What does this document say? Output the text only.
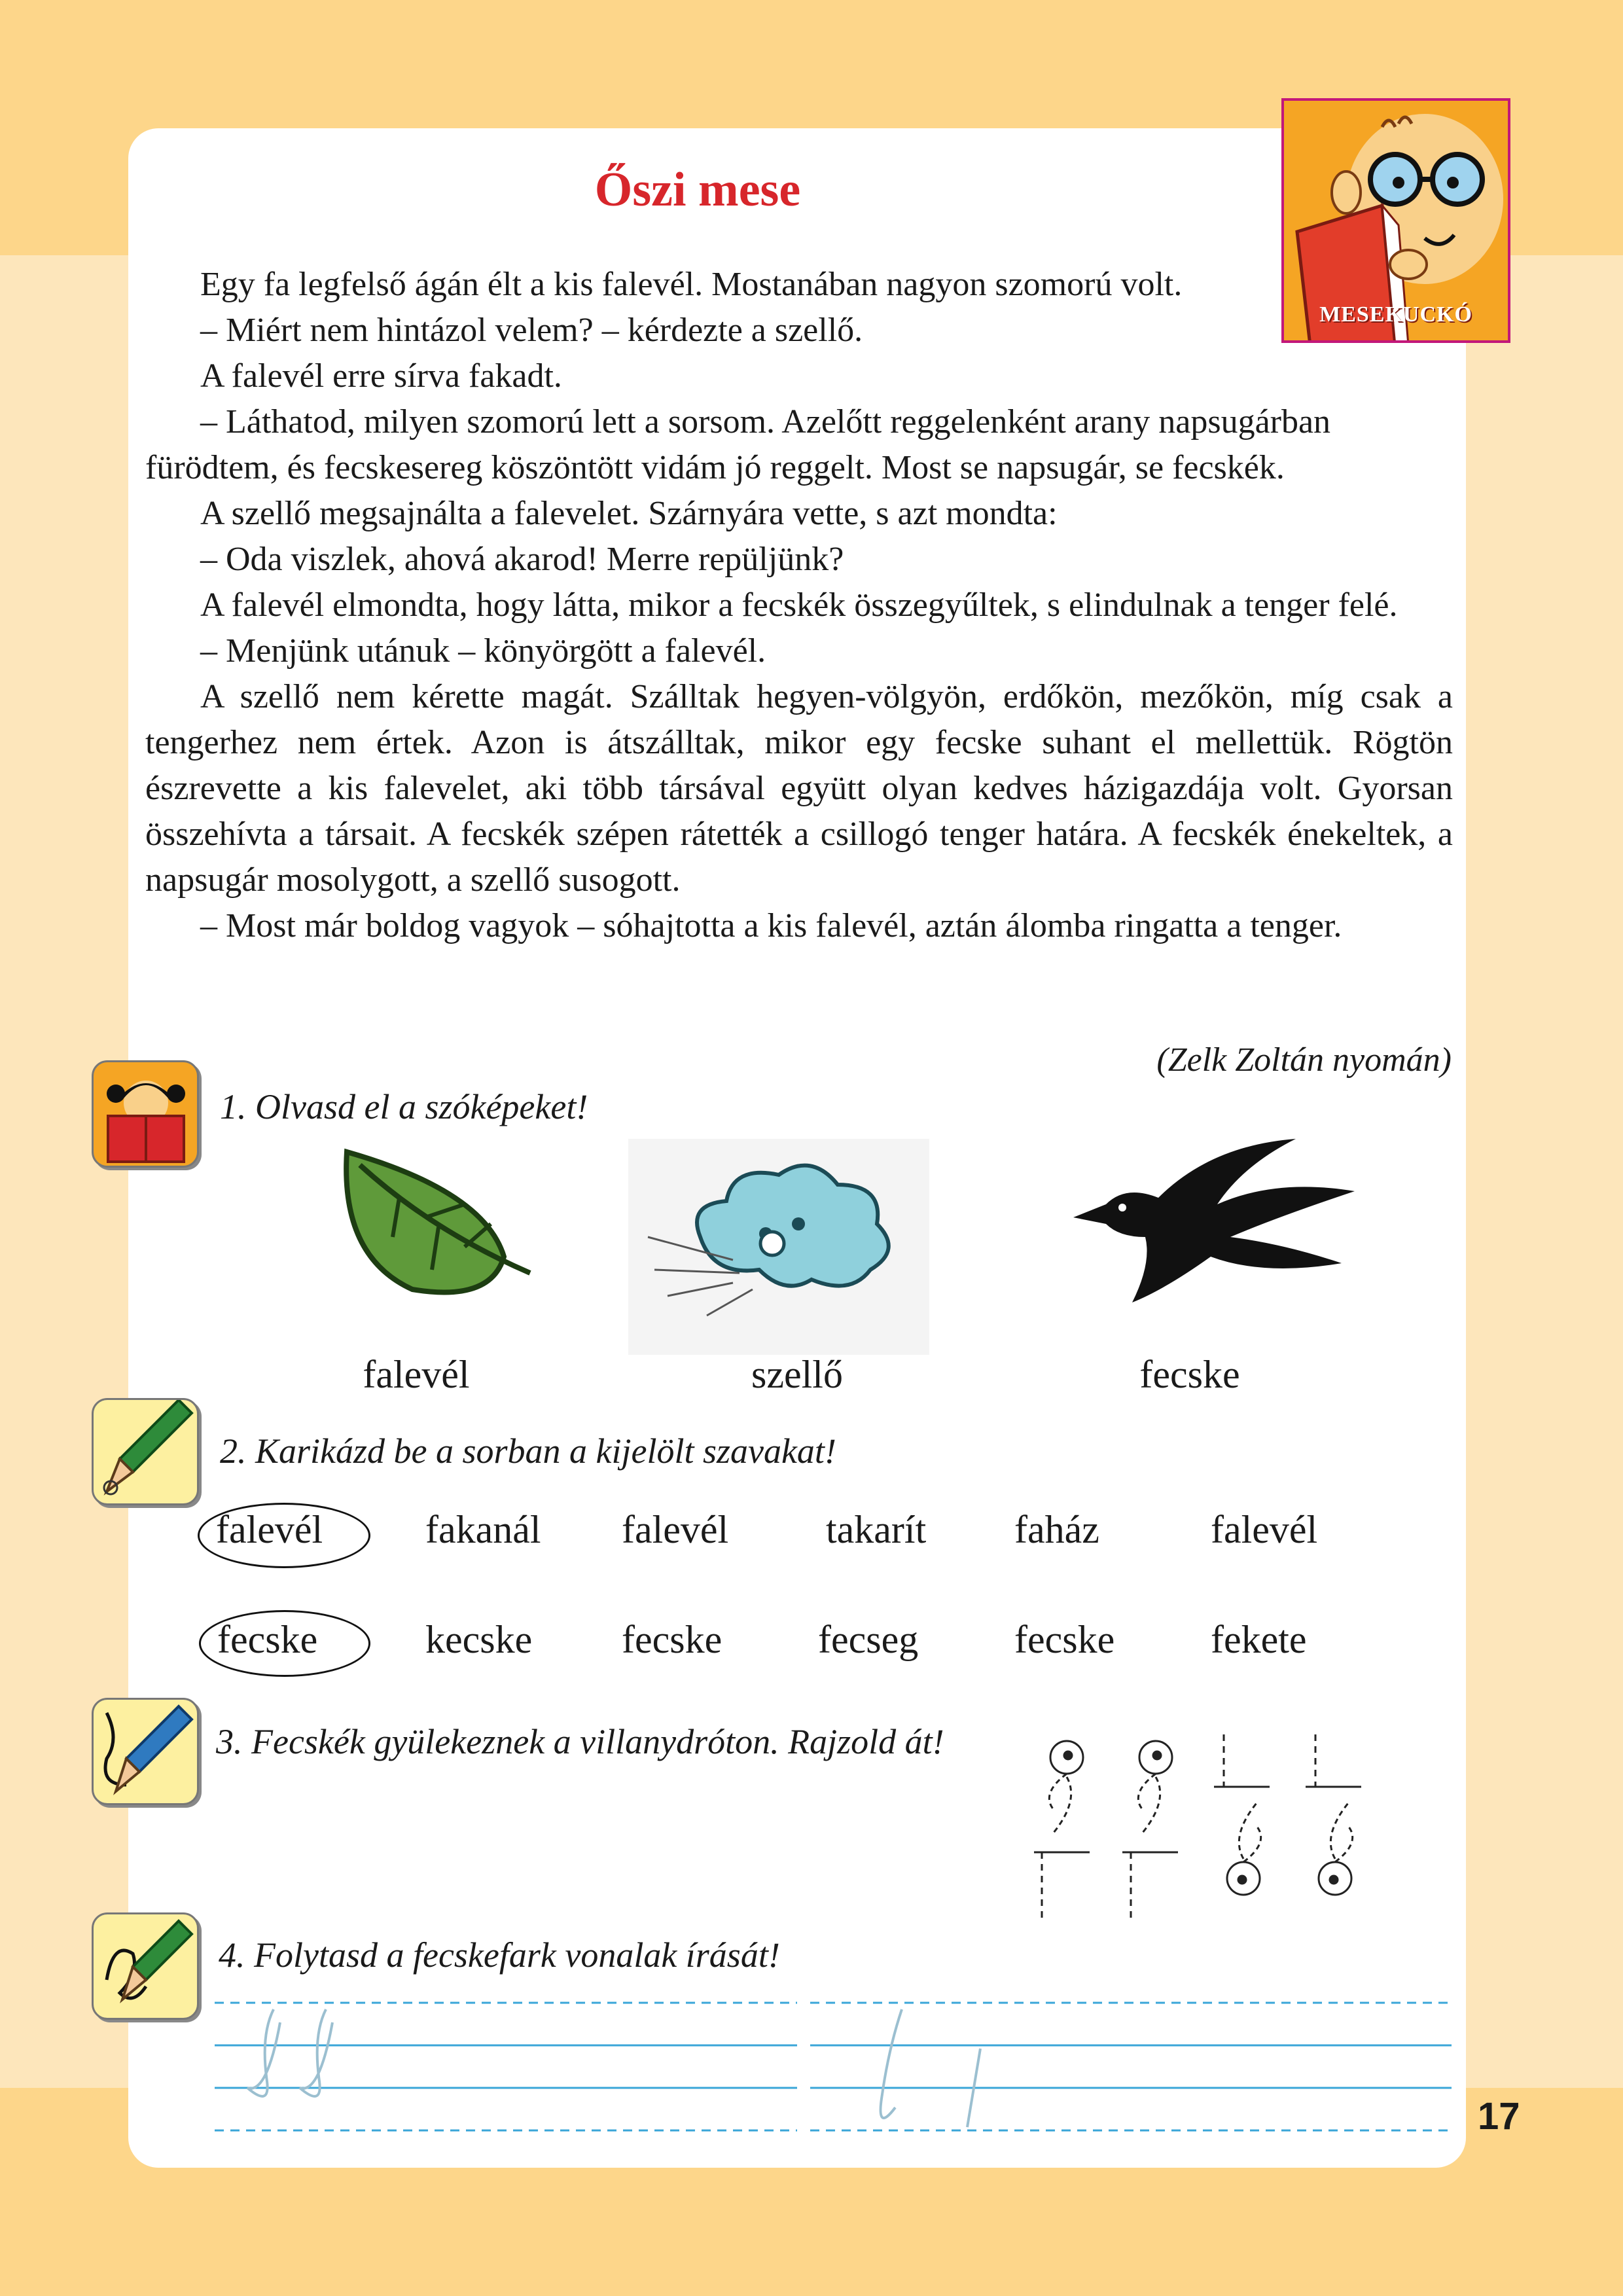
MESEKUCKÓ
Őszi mese

Egy fa legfelső ágán élt a kis falevél. Mostanában nagyon szomorú volt.

– Miért nem hintázol velem? – kérdezte a szellő.

A falevél erre sírva fakadt.

– Láthatod, milyen szomorú lett a sorsom. Azelőtt reggelenként arany napsugárban fürödtem, és fecskesereg köszöntött vidám jó reggelt. Most se napsugár, se fecskék.

A szellő megsajnálta a falevelet. Szárnyára vette, s azt mondta:

– Oda viszlek, ahová akarod! Merre repüljünk?

A falevél elmondta, hogy látta, mikor a fecskék összegyűltek, s elindulnak a tenger felé.

– Menjünk utánuk – könyörgött a falevél.

A szellő nem kérette magát. Szálltak hegyen-völgyön, erdőkön, mezőkön, míg csak a tengerhez nem értek. Azon is átszálltak, mikor egy fecske suhant el mellettük. Rögtön észrevette a kis falevelet, aki több társával együtt olyan kedves házigazdája volt. Gyorsan összehívta a társait. A fecskék szépen rátették a csillogó tenger határa. A fecskék énekeltek, a napsugár mosolygott, a szellő susogott.

– Most már boldog vagyok – sóhajtotta a kis falevél, aztán álomba ringatta a tenger.

(Zelk Zoltán nyomán)
1. Olvasd el a szóképeket!
falevél	szellő	fecske
2. Karikázd be a sorban a kijelölt szavakat!
falevél	fakanál falevél takarít faház	falevél
fecske	kecske fecske fecseg fecske fekete
3. Fecskék gyülekeznek a villanydróton. Rajzold át!
4. Folytasd a fecskefark vonalak írását!
17
